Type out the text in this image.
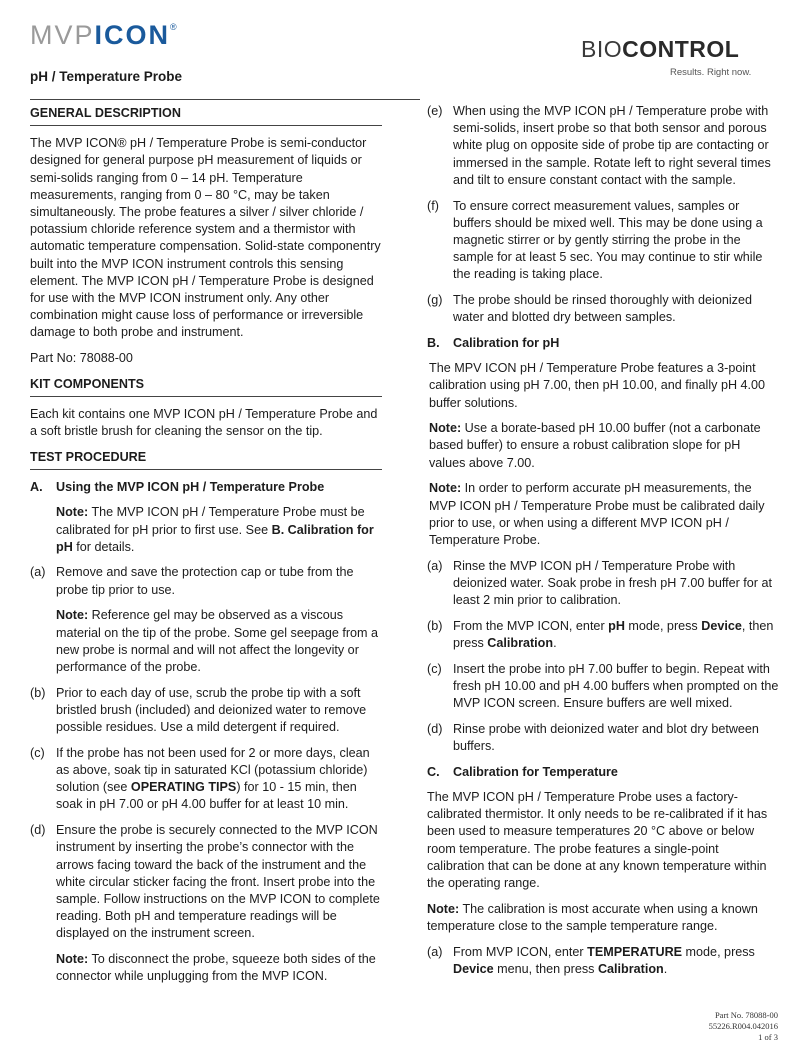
MVPICON®
BIOCONTROL
Results. Right now.
pH / Temperature Probe
GENERAL DESCRIPTION

The MVP ICON® pH / Temperature Probe is semi-conductor designed for general purpose pH measurement of liquids or semi-solids ranging from 0 – 14 pH. Temperature measurements, ranging from 0 – 80 °C, may be taken simultaneously. The probe features a silver / silver chloride / potassium chloride reference system and a thermistor with automatic temperature compensation. Solid-state componentry built into the MVP ICON instrument controls this sensing element. The MVP ICON pH / Temperature Probe is designed for use with the MVP ICON instrument only. Any other combination might cause loss of performance or irreversible damage to both probe and instrument.

Part No: 78088-00

KIT COMPONENTS

Each kit contains one MVP ICON pH / Temperature Probe and a soft bristle brush for cleaning the sensor on the tip.

TEST PROCEDURE
A. Using the MVP ICON pH / Temperature Probe

Note: The MVP ICON pH / Temperature Probe must be calibrated for pH prior to first use. See B. Calibration for pH for details.

(a) Remove and save the protection cap or tube from the probe tip prior to use.

Note: Reference gel may be observed as a viscous material on the tip of the probe. Some gel seepage from a new probe is normal and will not affect the longevity or performance of the probe.

(b) Prior to each day of use, scrub the probe tip with a soft bristled brush (included) and deionized water to remove possible residues. Use a mild detergent if required.
(c) If the probe has not been used for 2 or more days, clean as above, soak tip in saturated KCl (potassium chloride) solution (see OPERATING TIPS) for 10 - 15 min, then soak in pH 7.00 or pH 4.00 buffer for at least 10 min.
(d) Ensure the probe is securely connected to the MVP ICON instrument by inserting the probe’s connector with the arrows facing toward the back of the instrument and the white circular sticker facing the front. Insert probe into the sample. Follow instructions on the MVP ICON to complete reading. Both pH and temperature readings will be displayed on the instrument screen.

Note: To disconnect the probe, squeeze both sides of the connector while unplugging from the MVP ICON.

(e) When using the MVP ICON pH / Temperature probe with semi-solids, insert probe so that both sensor and porous white plug on opposite side of probe tip are contacting or immersed in the sample. Rotate left to right several times and tilt to ensure constant contact with the sample.
(f)	To ensure correct measurement values, samples or buffers should be mixed well. This may be done using a magnetic stirrer or by gently stirring the probe in the sample for at least 5 sec. You may continue to stir while the reading is taking place.
(g) The probe should be rinsed thoroughly with deionized water and blotted dry between samples.
B. Calibration for pH

The MPV ICON pH / Temperature Probe features a 3-point calibration using pH 7.00, then pH 10.00, and finally pH 4.00 buffer solutions.

Note: Use a borate-based pH 10.00 buffer (not a carbonate based buffer) to ensure a robust calibration slope for pH values above 7.00.

Note: In order to perform accurate pH measurements, the MVP ICON pH / Temperature Probe must be calibrated daily prior to use, or when using a different MVP ICON pH / Temperature Probe.

(a) Rinse the MVP ICON pH / Temperature Probe with deionized water. Soak probe in fresh pH 7.00 buffer for at least 2 min prior to calibration.
(b) From the MVP ICON, enter pH mode, press Device, then press Calibration.
(c) Insert the probe into pH 7.00 buffer to begin. Repeat with fresh pH 10.00 and pH 4.00 buffers when prompted on the MVP ICON screen. Ensure buffers are well mixed.
(d) Rinse probe with deionized water and blot dry between buffers.
C. Calibration for Temperature

The MVP ICON pH / Temperature Probe uses a factory-calibrated thermistor. It only needs to be re-calibrated if it has been used to measure temperatures 20 °C above or below room temperature. The probe features a single-point calibration that can be done at any known temperature within the operating range.

Note: The calibration is most accurate when using a known temperature close to the sample temperature range.

(a) From MVP ICON, enter TEMPERATURE mode, press Device menu, then press Calibration.
Part No. 78088-00
55226.R004.042016
1 of 3
